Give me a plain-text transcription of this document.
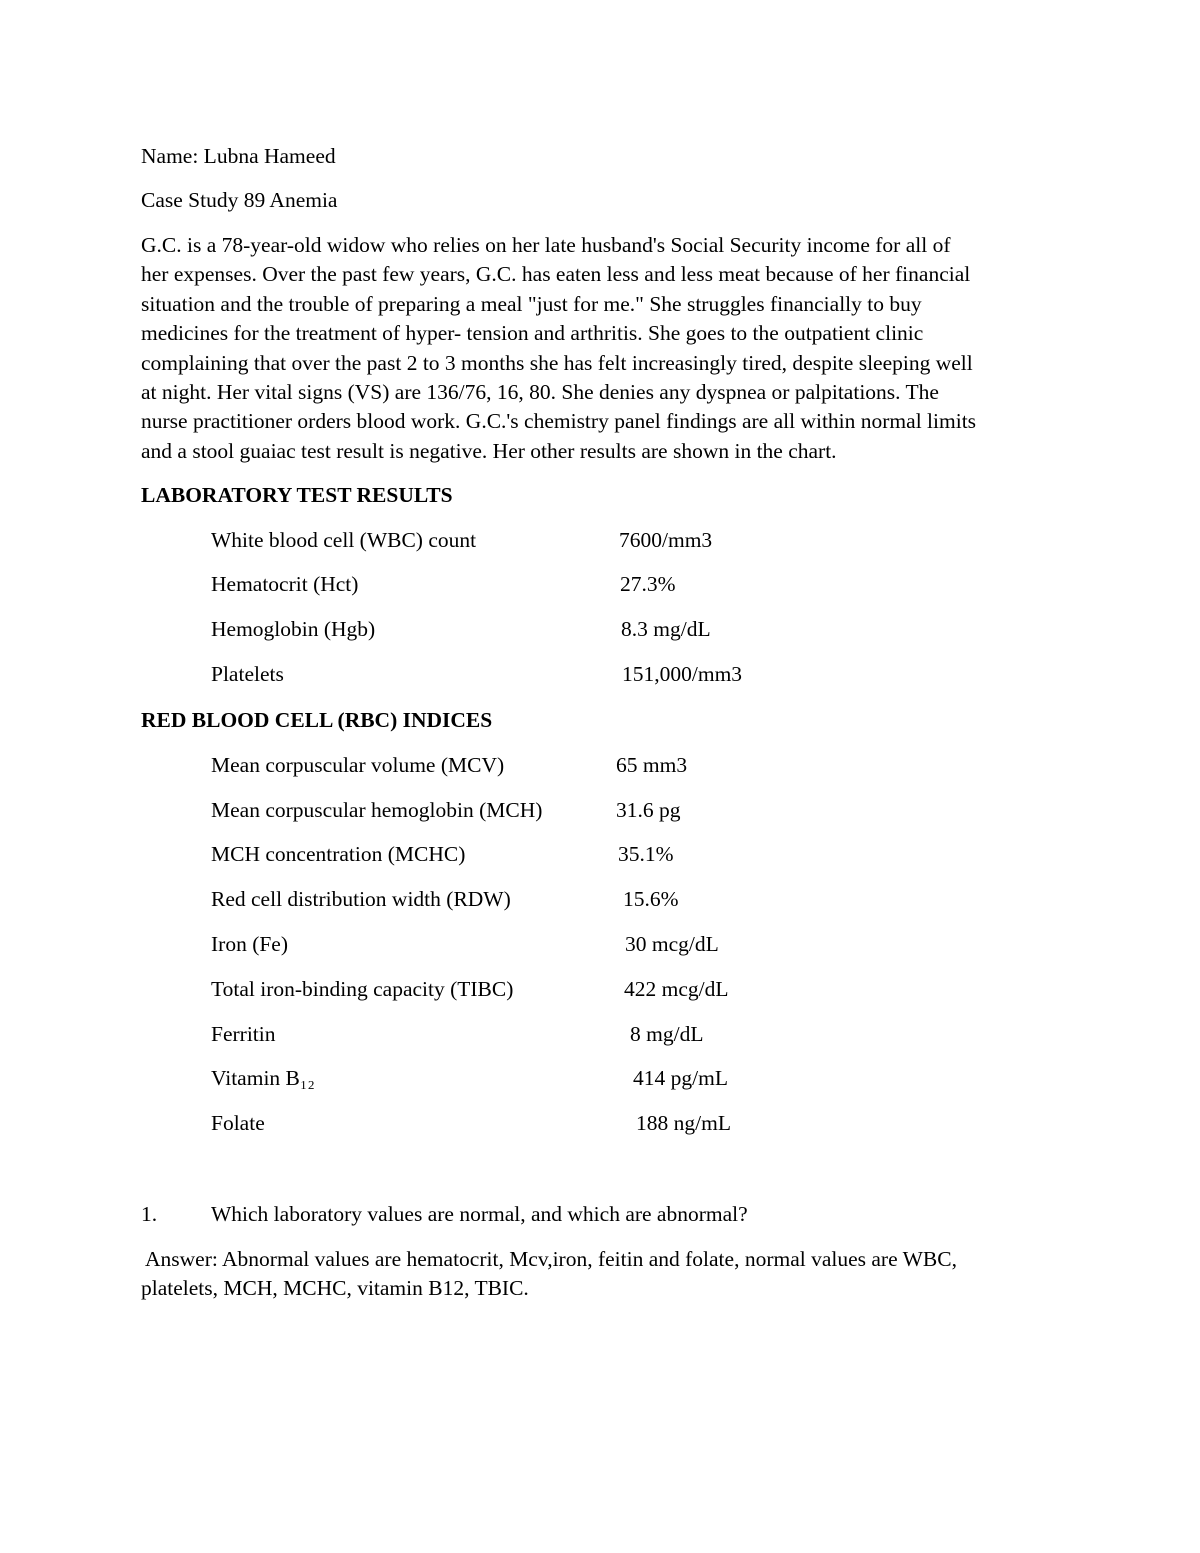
Name: Lubna Hameed
Case Study 89 Anemia

G.C. is a 78-year-old widow who relies on her late husband's Social Security income for all of

her expenses. Over the past few years, G.C. has eaten less and less meat because of her financial

situation and the trouble of preparing a meal "just for me." She struggles financially to buy

medicines for the treatment of hyper- tension and arthritis. She goes to the outpatient clinic

complaining that over the past 2 to 3 months she has felt increasingly tired, despite sleeping well

at night. Her vital signs (VS) are 136/76, 16, 80. She denies any dyspnea or palpitations. The

nurse practitioner orders blood work. G.C.'s chemistry panel findings are all within normal limits

and a stool guaiac test result is negative. Her other results are shown in the chart.

LABORATORY TEST RESULTS
White blood cell (WBC) count	7600/mm3
Hematocrit (Hct)	27.3%
Hemoglobin (Hgb)	8.3 mg/dL
Platelets	151,000/mm3
RED BLOOD CELL (RBC) INDICES
Mean corpuscular volume (MCV)	65 mm3
Mean corpuscular hemoglobin (MCH)	31.6 pg
MCH concentration (MCHC)	35.1%
Red cell distribution width (RDW)	15.6%
Iron (Fe)	30 mcg/dL
Total iron-binding capacity (TIBC)	422 mcg/dL
Ferritin	8 mg/dL
Vitamin B₁₂	414 pg/mL
Folate	188 ng/mL
1.	Which laboratory values are normal, and which are abnormal?

Answer: Abnormal values are hematocrit, Mcv,iron, feitin and folate, normal values are WBC,

platelets, MCH, MCHC, vitamin B12, TBIC.
